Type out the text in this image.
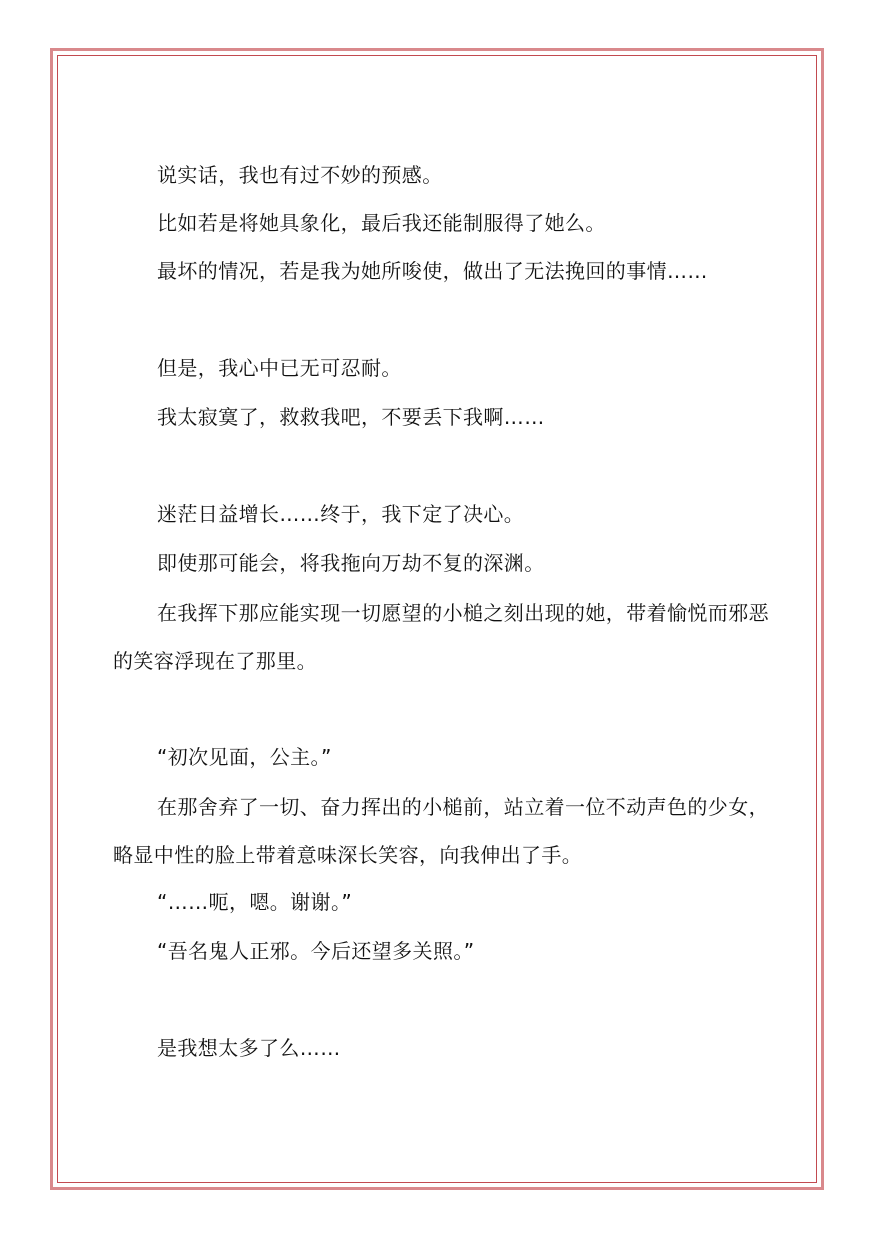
说实话，我也有过不妙的预感。
比如若是将她具象化，最后我还能制服得了她么。
最坏的情况，若是我为她所唆使，做出了无法挽回的事情……
但是，我心中已无可忍耐。
我太寂寞了，救救我吧，不要丢下我啊……
迷茫日益增长……终于，我下定了决心。
即使那可能会，将我拖向万劫不复的深渊。
在我挥下那应能实现一切愿望的小槌之刻出现的她，带着愉悦而邪恶的笑容浮现在了那里。
“初次见面，公主。”
在那舍弃了一切、奋力挥出的小槌前，站立着一位不动声色的少女，略显中性的脸上带着意味深长笑容，向我伸出了手。
“……呃，嗯。谢谢。”
“吾名鬼人正邪。今后还望多关照。”
是我想太多了么……
